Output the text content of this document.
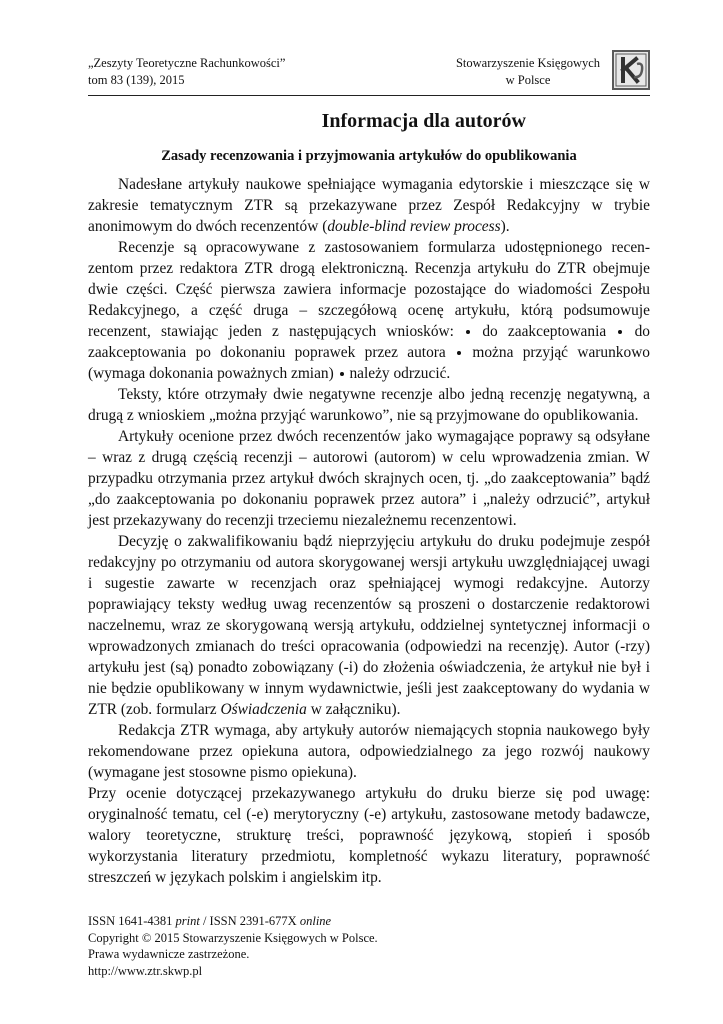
„Zeszyty Teoretyczne Rachunkowości”
tom 83 (139), 2015
Stowarzyszenie Księgowych
w Polsce
Informacja dla autorów
Zasady recenzowania i przyjmowania artykułów do opublikowania

Nadesłane artykuły naukowe spełniające wymagania edytorskie i mieszczące się w zakresie tematycznym ZTR są przekazywane przez Zespół Redakcyjny w trybie anonimowym do dwóch recenzentów (double-blind review process).

Recenzje są opracowywane z zastosowaniem formularza udostępnionego recenzentom przez redaktora ZTR drogą elektroniczną. Recenzja artykułu do ZTR obejmuje dwie części. Część pierwsza zawiera informacje pozostające do wiadomości Zespołu Redakcyjnego, a część druga – szczegółową ocenę artykułu, którą podsumowuje recenzent, stawiając jeden z następujących wniosków:  do zaakceptowania  do zaakceptowania po dokonaniu poprawek przez autora  można przyjąć warunkowo (wymaga dokonania poważnych zmian)  należy odrzucić.

Teksty, które otrzymały dwie negatywne recenzje albo jedną recenzję negatywną, a drugą z wnioskiem „można przyjąć warunkowo”, nie są przyjmowane do opublikowania.

Artykuły ocenione przez dwóch recenzentów jako wymagające poprawy są odsyłane – wraz z drugą częścią recenzji – autorowi (autorom) w celu wprowadzenia zmian. W przypadku otrzymania przez artykuł dwóch skrajnych ocen, tj. „do zaakceptowania” bądź „do zaakceptowania po dokonaniu poprawek przez autora” i „należy odrzucić”, artykuł jest przekazywany do recenzji trzeciemu niezależnemu recenzentowi.

Decyzję o zakwalifikowaniu bądź nieprzyjęciu artykułu do druku podejmuje zespół redakcyjny po otrzymaniu od autora skorygowanej wersji artykułu uwzględniającej uwagi i sugestie zawarte w recenzjach oraz spełniającej wymogi redakcyjne. Autorzy poprawiający teksty według uwag recenzentów są proszeni o dostarczenie redaktorowi naczelnemu, wraz ze skorygowaną wersją artykułu, oddzielnej syntetycznej informacji o wprowadzonych zmianach do treści opracowania (odpowiedzi na recenzję). Autor (-rzy) artykułu jest (są) ponadto zobowiązany (-i) do złożenia oświadczenia, że artykuł nie był i nie będzie opublikowany w innym wydawnictwie, jeśli jest zaakceptowany do wydania w ZTR (zob. formularz Oświadczenia w załączniku).

Redakcja ZTR wymaga, aby artykuły autorów niemających stopnia naukowego były rekomendowane przez opiekuna autora, odpowiedzialnego za jego rozwój naukowy (wymagane jest stosowne pismo opiekuna).

Przy ocenie dotyczącej przekazywanego artykułu do druku bierze się pod uwagę: oryginalność tematu, cel (-e) merytoryczny (-e) artykułu, zastosowane metody badawcze, walory teoretyczne, strukturę treści, poprawność językową, stopień i sposób wykorzystania literatury przedmiotu, kompletność wykazu literatury, poprawność streszczeń w językach polskim i angielskim itp.

ISSN 1641-4381 print / ISSN 2391-677X online
Copyright © 2015 Stowarzyszenie Księgowych w Polsce.
Prawa wydawnicze zastrzeżone.
http://www.ztr.skwp.pl
